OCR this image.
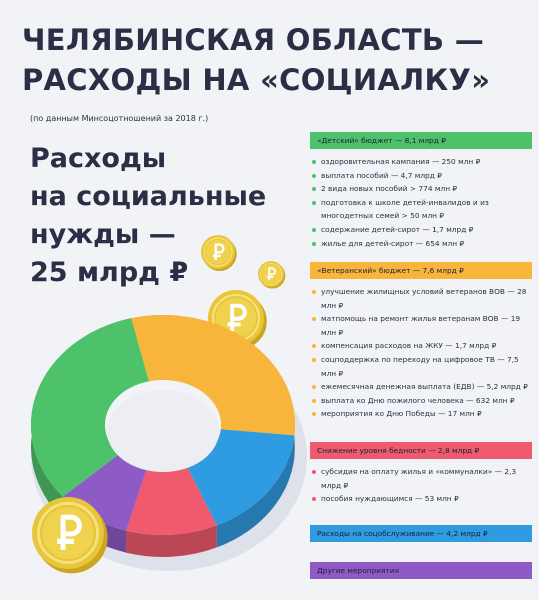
ЧЕЛЯБИНСКАЯ ОБЛАСТЬ —
РАСХОДЫ НА «СОЦИАЛКУ»
(по данным Минсоцотношений за 2018 г.)
Расходы
на социальные
нужды —
25 млрд ₽
«Детский» бюджет — 8,1 млрд ₽
оздоровительная кампания — 250 млн ₽
выплата пособий — 4,7 млрд ₽
2 вида новых пособий > 774 млн ₽
подготовка к школе детей-инвалидов и из многодетных семей > 50 млн ₽
содержание детей-сирот — 1,7 млрд ₽
жилье для детей-сирот — 654 млн ₽
«Ветеранский» бюджет — 7,6 млрд ₽
улучшение жилищных условий ветеранов ВОВ — 28 млн ₽
матпомощь на ремонт жилья ветеранам ВОВ — 19 млн ₽
компенсация расходов на ЖКУ — 1,7 млрд ₽
соцподдержка по переходу на цифровое ТВ — 7,5 млн ₽
ежемесячная денежная выплата (ЕДВ) — 5,2 млрд ₽
выплата ко Дню пожилого человека — 632 млн ₽
мероприятия ко Дню Победы — 17 млн ₽
Снижение уровня бедности — 2,8 млрд ₽
субсидия на оплату жилья и «коммуналки» — 2,3 млрд ₽
пособия нуждающимся — 53 млн ₽
Расходы на соцобслуживание — 4,2 млрд ₽
Другие мероприятия
